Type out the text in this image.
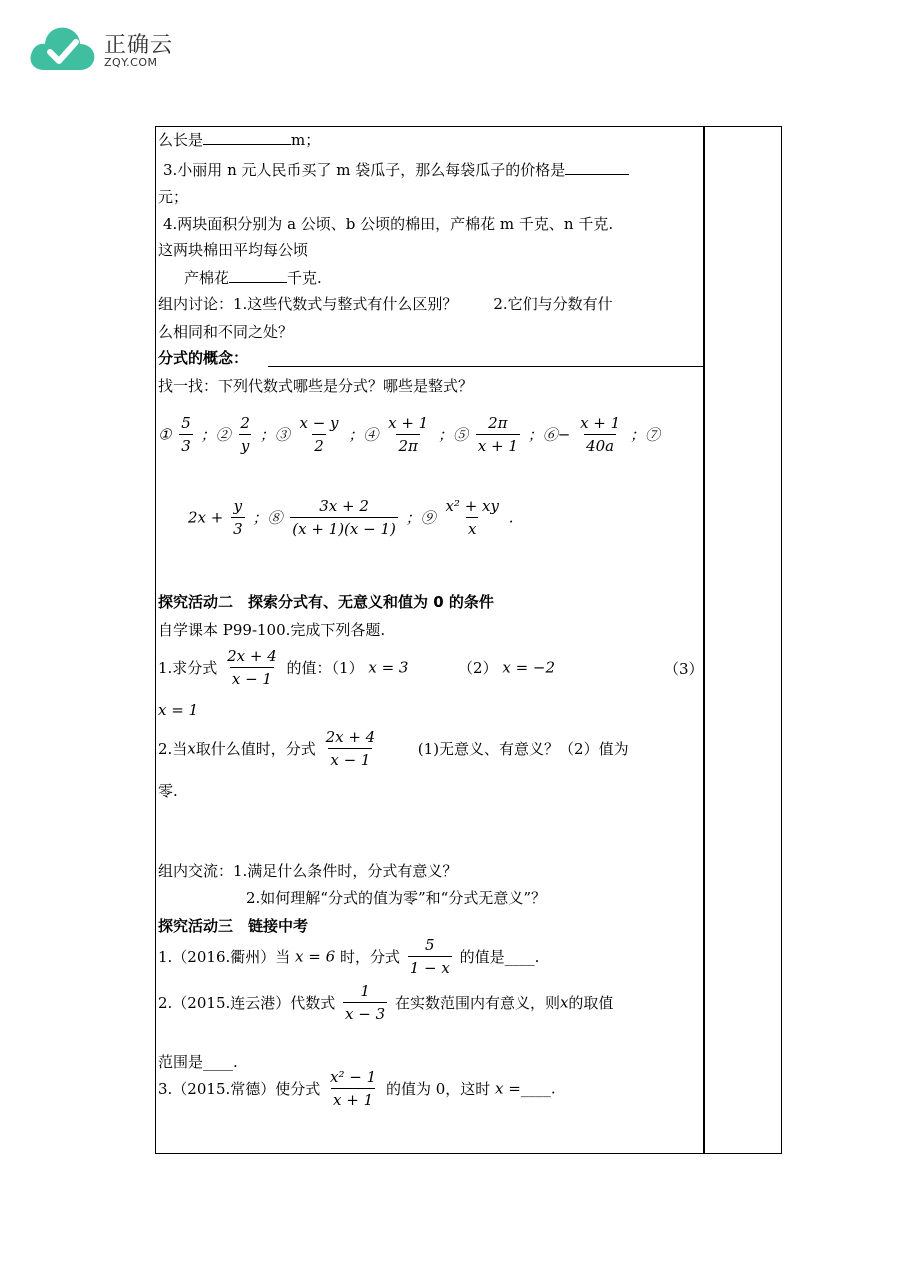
正确云
ZQY.COM
么长是	m；
3.小丽用 n 元人民币买了 m 袋瓜子，那么每袋瓜子的价格是
元；
4.两块面积分别为 a 公顷、b 公顷的棉田，产棉花 m 千克、n 千克.
这两块棉田平均每公顷
产棉花	千克.
组内讨论：1.这些代数式与整式有什么区别？ 2.它们与分数有什
么相同和不同之处？
分式的概念：
找一找：下列代数式哪些是分式？哪些是整式？
① $\frac{5}{3}$ ；② $\frac{2}{y}$ ；③ $\frac{x - y}{2}$ ；④ $\frac{x + 1}{2\pi}$ ；⑤ $\frac{2\pi}{x + 1}$ ；⑥− $\frac{x + 1}{40a}$ ；⑦
$2x + \frac{y}{3}$ ；⑧ $\frac{3x + 2}{(x + 1)(x - 1)}$ ；⑨ $\frac{\text{x² + xy}}{x}$ .
探究活动二　探索分式有、无意义和值为 0 的条件
自学课本 P99-100.完成下列各题.
1.求分式 $\frac{2x + 4}{x - 1}$ 的值：（1） x = 3	（2） x = −2	（3）
x = 1
2.当x取什么值时，分式 $\frac{2x + 4}{x - 1}$	(1)无意义、有意义？（2）值为
零.
组内交流：1.满足什么条件时，分式有意义？
2.如何理解“分式的值为零”和“分式无意义”？
探究活动三　链接中考
1.（2016.衢州）当 x = 6 时，分式 $\frac{5}{1 - x}$ 的值是____.
2.（2015.连云港）代数式 $\frac{1}{x - 3}$ 在实数范围内有意义，则x的取值
范围是____.
3.（2015.常德）使分式 $\frac{\text{x² − 1}}{x + 1}$ 的值为 0，这时 x =____.
